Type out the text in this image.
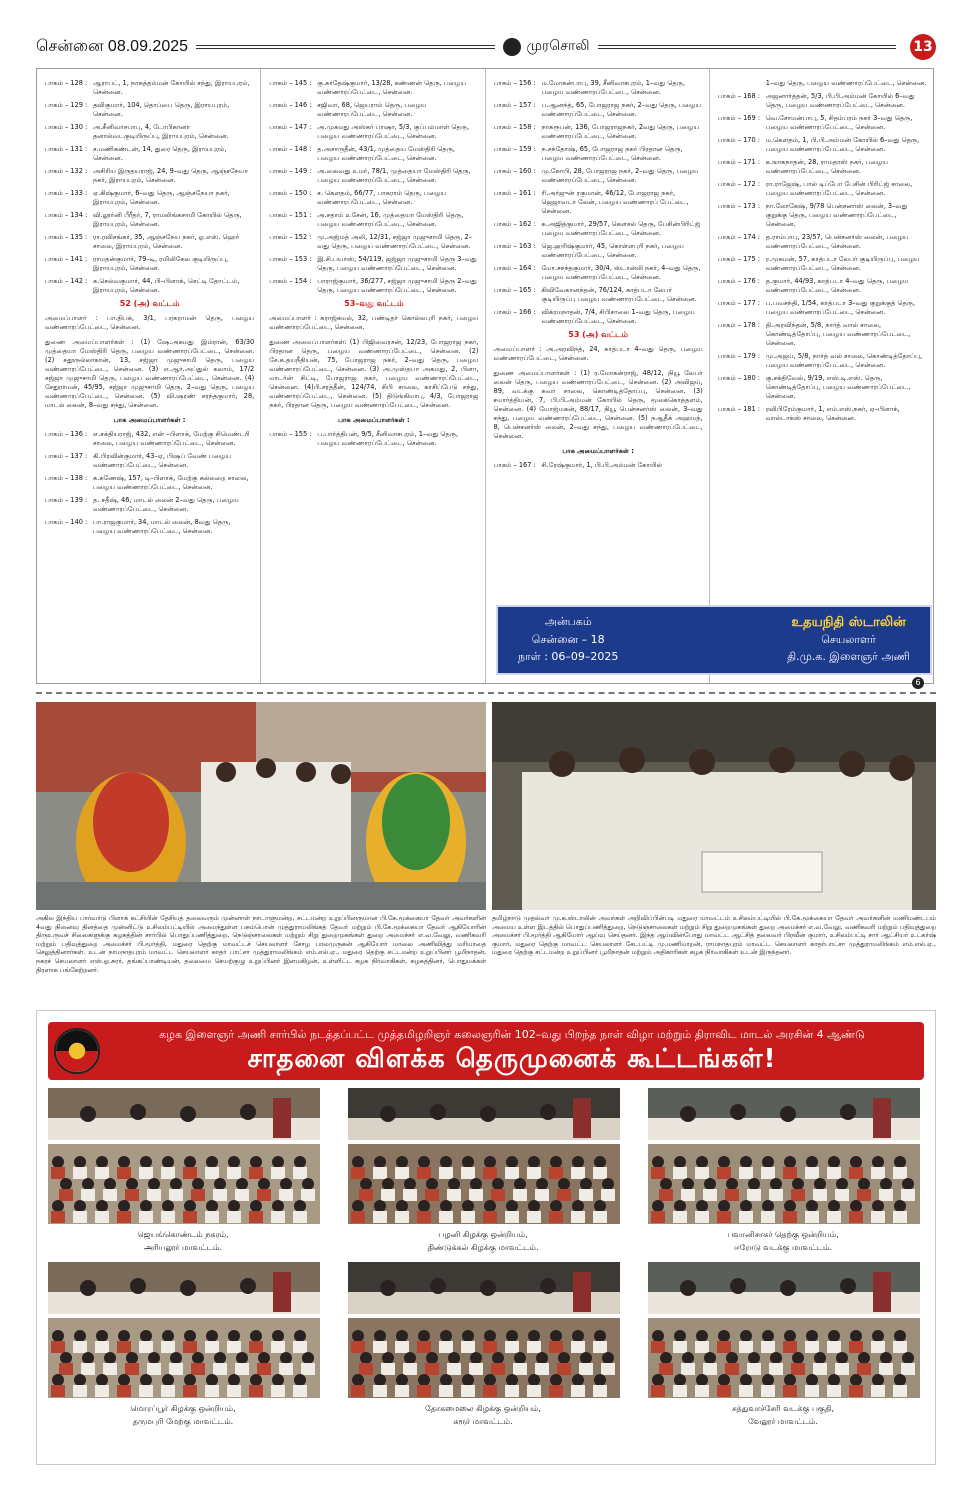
சென்னை 08.09.2025	முரசொலி	13
பாகம் – 128 : ஆராபட், 1, நாகத்தம்மன் கோயில் சந்து, இராயபுரம், சென்னை.
பாகம் – 129 : தவிகுமார், 104, தொப்பை தெரு, இராயபுரம், சென்னை.
பாகம் – 130 : அ.சீனிவாசபாபு, 4, டோபிகானா தனால்வடகுடியிருப்பு, இராயபுரம், சென்னை.
பாகம் – 131 : ச.மணிகண்டன், 14, துரை தெரு, இராயபுரம், சென்னை.
பாகம் – 132 : அசிரிய இருதயராஜ், 24, 9–வது தெரு, ஆஞ்சநேயா நகர், இராயபுரம், சென்னை.
பாகம் – 133 : ஏ.கிஷ்குமார், 6–வது தெரு, ஆஞ்சநேயா நகர், இராயபுரம், சென்னை.
பாகம் – 134 : வி.லூர்னி பீரீதர், 7, ராமலிங்கசாமி கோயில் தெரு, இராயபுரம், சென்னை.
பாகம் – 135 : ரா.ரவிசங்கர், 35, ஆஞ்சநேய நகர், ஓ.எஸ். ஹெர் சாலை, இராயபுரம், சென்னை.
பாகம் – 141 : ராமதன்குமார், 79–டி, ரமிலிகேல குடியிருப்பு, இராயபுரம், சென்னை.
பாகம் – 142 : க.செல்வகுமார், 44, பி–பிளாக், செட்டி தோட்டம், இராயபுரம், சென்னை.
52 (அ) வட்டம்
அமைப்பாளர் : பா.திபக், 3/1, பரகராமன் தெரு, பழைய வண்ணாரப்பேட்டை, சென்னை.
துணை அமைப்பாளர்கள் : (1) ஷே.அகமது இம்ரான், 63/30 முத்தையா மேஸ்திரி தெரு, பழைய வண்ணாரப்பேட்டை, சென்னை. (2) சதூருல்லாகான், 13, சஜ்ஜா முஜுசாமி தெரு, பழைய வண்ணாரப்பேட்டை, சென்னை. (3) எ.ஆர்.அப்துல் கலாம், 17/2 சஜ்ஜா முஜுசாமி தெரு, பழைய வண்ணாரப்பேட்டை, சென்னை. (4) சேதுராமன், 45/95, சஜ்ஜா முஜுசாமி தெரு, 2–வது தெரு, பழைய வண்ணாரப்பேட்டை, சென்னை. (5) வி.ஷரண் சரந்தகுமார், 28, மாடல் லைன், 8–வது சந்து, சென்னை.
பாக அமைப்பாளர்கள் :
பாகம் – 136 : எ.சக்தியராஜ், 432, என் –பிளாக், மேற்கு சிமெண்டரி சாலை, பழைய வண்ணாரப்பேட்டை, சென்னை.
பாகம் – 137 : கி.பிரவின்குமார், 43–ஏ, பிஷப் வேண் பழைய வண்ணாரப்பேட்டை, சென்னை.
பாகம் – 138 : க.கணேஷ், 157, டி–பிளாக், மேற்கு கல்லறை சாலை, பழைய வண்ணாரப்பேட்டை, சென்னை.
பாகம் – 139 : த. சதீஷ், 46, மாடல் லைன் 2–வது தெரு, பழைய வண்ணாரப்பேட்டை, சென்னை.
பாகம் – 140 : பா.ராஜகுமார், 34, மாடல் லைன், 8வது தெரு, பழைய வண்ணாரப்பேட்டை, சென்னை.
பாகம் – 145 : கு.சுர்தேஷ்குமார், 13/28, கண்ணன் தெரு, பழைய வண்ணாரப்பேட்டை, சென்னை.
பாகம் – 146 : சஜிவா, 68, ஜெயராம் தெரு, பழைய வண்ணாரப்பேட்டை, சென்னை.
பாகம் – 147 : அ.முகமது அஸ்கர் பாஷா, 5/3, குப்பம்மாள் தெரு, பழைய வண்ணாரப்பேட்டை, சென்னை.
பாகம் – 148 : த.அசாருதீன், 43/1, முத்தைய மேஸ்திரி தெரு, பழைய வண்ணாரப்பேட்டை, சென்னை.
பாகம் – 149 : அ.லைவது உமர், 78/1, முத்தையா மேஸ்திரி தெரு, பழைய வண்ணாரப்பேட்டை, சென்னை.
பாகம் – 150 : ச. கௌதம், 66/77, பாகராம் தெரு, பழைய வண்ணாரப்பேட்டை, சென்னை.
பாகம் – 151 : அ.சதாம் உசேன், 16, முத்தையா மேஸ்திரி தெரு, பழைய வண்ணாரப்பேட்டை, சென்னை.
பாகம் – 152 : மு.அஜ்மத் அலி, 12/31, சஜ்ஜா முஜுசாமி தெரு, 2–வது தெரு, பழைய வண்ணாரப்பேட்டை, சென்னை.
பாகம் – 153 : இ.சி.பயாஸ், 54/119, ஜஜ்ஜா முஜுசாமி தெரு 3–வது தெரு, பழைய வண்ணாரப்பேட்டை, சென்னை.
பாகம் – 154 : பாராஜ்குமார், 36/277, சஜ்ஜா முஜுசாமி தெரு 2–வது தெரு, பழைய வண்ணாரப்பேட்டை, சென்னை.
53–வது வட்டம்
அமைப்பாளர் : சுராஜ்கமல், 32, பண்டிதர் கொல்லபுரி நகர், பழைய வண்ணாரப்பேட்டை, சென்னை.
துணை அமைப்பாளர்கள்: (1) பிஜிவைரசன், 12/23, போஜராஜ நகர், பிரதான தெரு, பழைய வண்ணாரப்பேட்டை, சென்னை. (2) சே.க.தயநீதியன், 75, போஜராஜ நகர், 2–வது தெரு, பழைய வண்ணாரப்பேட்டை, சென்னை. (3) அ.முஸ்தபா அகமது, 2, பிளா, மாடர்ன் சிட்டி, போஜராஜ நகர், பழைய வண்ணாரப்பேட்டை, சென்னை. (4)பி.சரத்தீன், 124/74, சிபி சாலை, காசிப்பேடு சந்து, வண்ணாரப்பேட்டை, சென்னை. (5) திடுங்கிமாபு, 4/3, போஜராஜ நகர், பிரதான தெரு, பழைய வண்ணாரப்பேட்டை, சென்னை.
பாக அமைப்பாளர்கள் :
பாகம் – 155 : ப.பார்த்திபன், 9/5, சீனிவாசபுரம், 1–வது தெரு, பழைய வண்ணாரப்பேட்டை, சென்னை.
பாகம் – 156 : ம.மோகன்பாபு, 39, சீனிவாசபுரம், 1–வது தெரு, பழைய வண்ணாரப்பேட்டை, சென்னை.
பாகம் – 157 : ப.ஆனந்த், 65, போஜராஜ நகர், 2–வது தெரு, பழைய வண்ணாரப்பேட்டை, சென்னை.
பாகம் – 158 : நாகரூபன், 136, போஜராஜநகர், 2வது தெரு, பழைய வண்ணாரப்பேட்டை, சென்னை.
பாகம் – 159 : ந.சந்தோஷ், 65, போஜராஜ நகர் பிரதான தெரு, பழைய வண்ணாரப்பேட்டை, சென்னை.
பாகம் – 160 : மு.கோபி, 28, போஜராஜ நகர், 2–வது தெரு, பழைய வண்ணாரப்பேட்டை, சென்னை.
பாகம் – 161 : ரி.அர்ஜுன் ரகுமான், 46/12, போஜராஜ நகர், ஜெஜாவடா லேன், பழைய வண்ணாரப் பேட்டை, சென்னை.
பாகம் – 162 : சு.அஜித்குமார், 29/57, கௌசல் தெரு, பேசின்பிரிட்ஜ் பழைய வண்ணாரப்பேட்டை, சென்னை.
பாகம் – 163 : ஜெ.ஹரிஷ்குமார், 45, கொள்ளபுரி நகர், பழைய வண்ணாரப்பேட்டை, சென்னை.
பாகம் – 164 : மோ.சசந்தகுமார், 30/4, ஸ்டான்லி நகர், 4–வது தெரு, பழைய வண்ணாரப்பேட்டை, சென்னை.
பாகம் – 165 : கிவிவேகானந்தன், 76/124, காத்படா லேபர் குடியிருப்பு பழைய வண்ணாரப்பேட்டை, சென்னை.
பாகம் – 166 : விக்ரமநாதன், 7/4, சிபிசாலை 1–வது தெரு, பழைய வண்ணாரப்பேட்டை, சென்னை.
53 (அ) வட்டம்
அமைப்பாளர் : அ.அரவிந்த், 24, காத்படா 4–வது தெரு, பழைய வண்ணாரப்பேட்டை, சென்னை.
துணை அமைப்பாளர்கள் : (1) ர.மோகன்ராஜ், 48/12, நியூ லேபர் லைன் தெரு, பழைய வண்ணாரப்பேட்டை, சென்னை. (2) அவிஜய், 89, வடக்கு சுவர் சாலை, கொண்டித்தோப்பு, சென்னை. (3) சமார்த்தியன், 7, பி.பி.அம்மன் கோயில் தெரு, மூலக்கொத்தளம், சென்னை. (4) யோஜ்மகன், 88/17, நியூ பென்சனர்ஸ் லைன், 3–வது சந்து, பழைய வண்ணாரப்பேட்டை, சென்னை. (5) நஆதீக் அஹமத், 8, பென்சனர்ஸ் லைன், 2–வது சந்து, பழைய வண்ணாரப்பேட்டை, சென்னை.
பாக அமைப்பாளர்கள் :
பாகம் – 167 : சி.ரேஷ்குமார், 1, பி.பி.அம்மன் கோயில்
1–வது தெரு, பழைய வண்ணாரப்பேட்டை, சென்னை.
பாகம் – 168 : அஜனார்த்தன், 5/3, பி.பி.அம்மன் கோயில் 6–வது தெரு, பழைய வண்ணாரப்பேட்டை, சென்னை.
பாகம் – 169 : வெ.சோமன்பாபு, 5, சிதம்பரம் நகர் 3–வது தெரு, பழைய வண்ணாரப்பேட்டை, சென்னை.
பாகம் – 170 : ம.கௌதம், 1, பி.பி.அம்மன் கோயில் 6–வது தெரு, பழைய வண்ணாரப்பேட்டை, சென்னை.
பாகம் – 171 : க.ஙாகநாதன், 28, ராமதாஸ் நகர், பழைய வண்ணாரப்பேட்டை, சென்னை.
பாகம் – 172 : ரா.ராஜேஷ், பால் டிப்போ பேசின் பிரிட்ஜ் சாலை, பழைய வண்ணாரப்பேட்டை, சென்னை.
பாகம் – 173 : நா.லோகேஷ், 9/78 பென்சனர்ஸ் லைன், 3–வது குறுக்கு தெரு, பழைய வண்ணாரப்பேட்டை, சென்னை.
பாகம் – 174 : த.ராம்பாபு, 23/57, பென்சனர்ஸ் லைன், பழைய வண்ணாரப்பேட்டை, சென்னை.
பாகம் – 175 : ர.முகமன், 57, காத்படா லேபர் குடியிருப்பு, பழைய வண்ணாரப்பேட்டை, சென்னை.
பாகம் – 176 : த.குமார், 44/93, காத்படா 4–வது தெரு, பழைய வண்ணாரப்பேட்டை, சென்னை.
பாகம் – 177 : ப.பவசந்தி, 1/54, காத்படா 3–வது குறுக்குத் தெரு, பழைய வண்ணாரப்பேட்டை, சென்னை.
பாகம் – 178 : தி.அரவிந்தன், 5/8, நார்த் வால் சாலை, கொண்டித்தோப்பு, பழைய வண்ணாரப்பேட்டை, சென்னை.
பாகம் – 179 : மு.அஜய், 5/8, நார்த் வல் சாலை, கொண்டித்தோப்பு, பழைய வண்ணாரப்பேட்டை, சென்னை.
பாகம் – 180 : கு.சக்திவேல், 9/19, எஸ்.டி.எஸ். தெரு, கொண்டித்தோப்பு, பழைய வண்ணாரப்பேட்டை, சென்னை.
பாகம் – 181 : ரவிபிரேம்குமார், 1, எம்.எஸ்.நகர், ஏ–பிளாக், வால்டாக்ஸ் சாலை, சென்னை.
அன்பகம்
சென்னை – 18
நாள் : 06–09–2025
உதயநிதி ஸ்டாலின்
செயலாளர்
தி.மு.க. இளைஞர் அணி
6
அகில இந்திய பார்வர்டு பிளாக் கட்சியின் தேசியத் தலைவரும் முன்னாள் நாடாளுமன்ற, சட்டமன்ற உறுப்பினருமான பி.கே.மூக்கையா தேவர் அவர்களின் 4வது நினைவு தினத்தை முன்னிட்டு உசிலம்பட்டியில் அமைந்துள்ள பசும்பொன் முத்துராமலிங்கத் தேவர் மற்றும் பி.கே.மூக்கையா தேவர் ஆகியோரின் திருஉருவச் சிலைகளுக்கு கழகத்தின் சார்பில் பொதுப்பணித்துறை, நெடுஞ்சாலைகள் மற்றும் சிறு துறைமுகங்கள் துறை அமைச்சர் எ.வ.வேலு, வணிகவரி மற்றும் பதிவுத்துறை அமைச்சர் பி.மூர்த்தி, மதுரை தெற்கு மாவட்டச் செயலாளர் சோழ பாலமுருகன் ஆகியோர் மாலை அணிவித்து மரியாதை செலுத்தினார்கள். உடன் நாமநாதபுரம் மாவட்ட செயலாளர் காதர் பாட்சா முத்துராமலிங்கம் எம்.எல்.ஏ., மதுரை தெற்கு சட்டமன்ற உறுப்பினர் பூமிநாதன், நகரச் செயலாளர் எஸ்.ஓ.சுரர், தங்கப்பாண்டியன், தலைமை செயற்குழு உறுப்பினர் இளமகிழன், உள்ளிட்ட கழக நிர்வாகிகள், கழகத்தினர், பொதுமக்கள் திரளாக பங்கேற்றனர்.
தமிழ்நாடு முதல்வர் மு.க.ஸ்டாலின் அவர்கள் அறிவிப்பின்படி மதுரை மாவட்டம் உசிலம்பட்டியில் பி.கே.மூக்கையா தேவர் அவர்களின் மணிமண்டபம் அமைய உள்ள இடத்தில் பொதுப்பணித்துறை, நெடுஞ்சாலைகள் மற்றும் சிறு துறைமுகங்கள் துறை அமைச்சர் எ.வ.வேலு, வணிகவரி மற்றும் பதிவுத்துறை அமைச்சர் பி.மூர்த்தி ஆகியோர் ஆய்வு செய்தனர். இந்த ஆய்வின்போது மாவட்ட ஆட்சித் தலைவர் பிரவீன் குமார், உசிலம்பட்டி சார் ஆட்சியர் உட்கர்ஷ் குமார், மதுரை தெற்கு மாவட்ட செயலாளர் சேடபட்டி மு.மணிமாறன், ராமநாதபுரம் மாவட்ட செயலாளர் காதர்பாட்சா முத்துராமலிங்கம் எம்.எல்.ஏ., மதுரை தெற்கு சட்டமன்ற உறுப்பினர் பூமிநாதன் மற்றும் அதிகாரிகள் கழக நிர்வாகிகள் உடன் இருந்தனர்.
கழக இளைஞர் அணி சார்பில் நடத்தப்பட்ட முத்தமிழறிஞர் கலைஞரின் 102–வது பிறந்த நாள் விழா மற்றும் திராவிட மாடல் அரசின் 4 ஆண்டு
சாதனை விளக்க தெருமுனைக் கூட்டங்கள்!
ஜெயங்கொண்டம் நகரம்,
அரியலூர் மாவட்டம்.
பழனி கிழக்கு ஒன்றியம்,
திண்டுக்கல் கிழக்கு மாவட்டம்.
பவானிசாகர் தெற்கு ஒன்றியம்,
ஈரோடு வடக்கு மாவட்டம்.
மொரப்பூர் கிழக்கு ஒன்றியம்,
தருமபுரி மேற்கு மாவட்டம்.
தோகமைலை கிழக்கு ஒன்றியம்,
கரூர் மாவட்டம்.
சத்துவாச்சேரி வடக்கு பகுதி,
வேலூர் மாவட்டம்.
